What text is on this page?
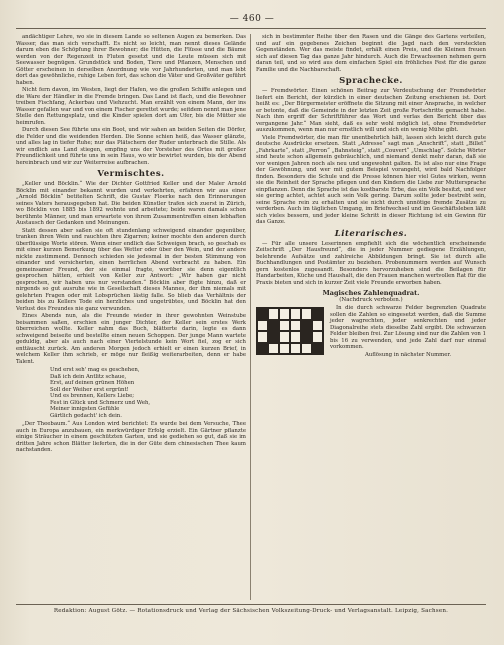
— 460 —

andächtiger Lehre, wo sie in diesem Lande so seltenen Augen zu bemerken. Das Wasser, das man sich verschafft. Es nicht so leicht, man nennt dieses Gelände darum eben die Schöpfung ihrer Bewohner; die Hütten, die Flüsse und die Bäume werden von der Regenzeit in Fluten gesetzt und die Leute müssen sich mit Seewasser begnügen. Grundstück und Boden, Tiere und Pflanzen, Menschen und Götter erscheinen in derselben Anordnung wie vor Jahrhunderten, und man lebt dort das gewöhnliche, ruhige Leben fort, das schon die Väter und Großväter geführt haben.

Nicht fern davon, im Westen, liegt der Hafen, wo die großen Schiffe anlegen und die Ware der Händler in die Fremde bringen. Das Land ist flach, und die Bewohner treiben Fischfang, Ackerbau und Viehzucht. Man erzählt von einem Mann, der ins Wasser gefallen war und von einem Fischer gerettet wurde; seitdem nennt man jene Stelle den Rettungsplatz, und die Kinder spielen dort am Ufer, bis die Mütter sie heimrufen.

Durch diesen See führte uns ein Boot, und wir sahen an beiden Seiten die Dörfer, die Felder und die weidenden Herden. Die Sonne schien heiß, das Wasser glänzte, und alles lag in tiefer Ruhe; nur das Plätschern der Ruder unterbrach die Stille. Als wir endlich ans Land stiegen, empfing uns der Vorsteher des Ortes mit großer Freundlichkeit und führte uns in sein Haus, wo wir bewirtet wurden, bis der Abend hereinbrach und wir zur Weiterreise aufbrachen.

Vermischtes.

„Keller und Böcklin.“ Wie der Dichter Gottfried Keller und der Maler Arnold Böcklin mit einander bekannt wurden und verkehrten, erfahren wir aus einer „Arnold Böcklin“ betitelten Schrift, die Gustav Floerke nach den Erinnerungen seines Vaters herausgegeben hat. Die beiden Künstler trafen sich zuerst in Zürich, wo Böcklin von 1885 bis 1892 wohnte und arbeitete; beide waren damals schon berühmte Männer, und man erwartete von ihrem Zusammentreffen einen lebhaften Austausch der Gedanken und Meinungen.

Statt dessen aber saßen sie oft stundenlang schweigend einander gegenüber, tranken ihren Wein und rauchten ihre Zigarren; keiner mochte den anderen durch überflüssige Worte stören. Wenn einer endlich das Schweigen brach, so geschah es mit einer kurzen Bemerkung über das Wetter oder über den Wein, und der andere nickte zustimmend. Dennoch schieden sie jedesmal in der besten Stimmung von einander und versicherten, einen herrlichen Abend verbracht zu haben. Ein gemeinsamer Freund, der sie einmal fragte, worüber sie denn eigentlich gesprochen hätten, erhielt von Keller zur Antwort: „Wir haben gar nicht gesprochen, wir haben uns nur verstanden.“ Böcklin aber fügte hinzu, daß er nirgends so gut ausruhe wie in Gesellschaft dieses Mannes, der ihm niemals mit gelehrten Fragen oder mit Lobsprüchen lästig falle. So blieb das Verhältnis der beiden bis zu Kellers Tode ein herzliches und ungetrübtes, und Böcklin hat den Verlust des Freundes nie ganz verwunden.

Eines Abends nun, als die Freunde wieder in ihrer gewohnten Weinstube beisammen saßen, erschien ein junger Dichter, der Keller sein erstes Werk überreichen wollte. Keller nahm das Buch, blätterte darin, legte es dann schweigend beiseite und bestellte einen neuen Schoppen. Der junge Mann wartete geduldig, aber als auch nach einer Viertelstunde kein Wort fiel, zog er sich enttäuscht zurück. Am anderen Morgen jedoch erhielt er einen kurzen Brief, in welchem Keller ihm schrieb, er möge nur fleißig weiterarbeiten, denn er habe Talent.

Und erst seh' mag es geschehen,
Daß ich dein Antlitz schaue,
Erst, auf deinen grünen Höhen
Soll der Weiher erst ergrünt!
Und es brennen, Kellers Liebe;
Fest in Glück und Schmerz und Weh,
Meiner innigsten Gefühle
Gärtlich gedacht' ich dein.

„Der Theebaum.“ Aus London wird berichtet: Es wurde bei dem Versuche, Thee auch in Europa anzubauen, ein merkwürdiger Erfolg erzielt. Ein Gärtner pflanzte einige Sträucher in einem geschützten Garten, und sie gediehen so gut, daß sie im dritten Jahre schon Blätter lieferten, die in der Güte dem chinesischen Thee kaum nachstanden.

sich in bestimmter Reihe über den Rasen und die Gänge des Gartens verteilen, und auf ein gegebenes Zeichen beginnt die Jagd nach den versteckten Gegenständen. Wer das meiste findet, erhält einen Preis, und die Kleinen freuen sich auf diesen Tag das ganze Jahr hindurch. Auch die Erwachsenen nehmen gern daran teil, und so wird aus dem einfachen Spiel ein fröhliches Fest für die ganze Familie und die Nachbarschaft.

Sprachecke.

— Fremdwörter. Einen schönen Beitrag zur Verdeutschung der Fremdwörter liefert ein Bericht, der kürzlich in einer deutschen Zeitung erschienen ist. Dort heißt es: „Der Bürgermeister eröffnete die Sitzung mit einer Ansprache, in welcher er betonte, daß die Gemeinde in der letzten Zeit große Fortschritte gemacht habe. Nach ihm ergriff der Schriftführer das Wort und verlas den Bericht über das vergangene Jahr.“ Man sieht, daß es sehr wohl möglich ist, ohne Fremdwörter auszukommen, wenn man nur ernstlich will und sich ein wenig Mühe gibt.

Viele Fremdwörter, die man für unentbehrlich hält, lassen sich leicht durch gute deutsche Ausdrücke ersetzen. Statt „Adresse“ sagt man „Anschrift“, statt „Billet“ „Fahrkarte“, statt „Perron“ „Bahnsteig“, statt „Couvert“ „Umschlag“. Solche Wörter sind heute schon allgemein gebräuchlich, und niemand denkt mehr daran, daß sie vor wenigen Jahren noch als neu und ungewohnt galten. Es ist also nur eine Frage der Gewöhnung, und wer mit gutem Beispiel vorangeht, wird bald Nachfolger finden. Besonders die Schule und die Presse können hier viel Gutes wirken, wenn sie die Reinheit der Sprache pflegen und den Kindern die Liebe zur Muttersprache einpflanzen. Denn die Sprache ist das kostbarste Erbe, das ein Volk besitzt, und wer sie gering achtet, achtet auch sein Volk gering. Darum sollte jeder bestrebt sein, seine Sprache rein zu erhalten und sie nicht durch unnötige fremde Zusätze zu verderben. Auch im täglichen Umgang, im Briefwechsel und im Geschäftsleben läßt sich vieles bessern, und jeder kleine Schritt in dieser Richtung ist ein Gewinn für das Ganze.

Literarisches.

— Für alle unsere Leserinnen empfiehlt sich die wöchentlich erscheinende Zeitschrift „Der Hausfreund“, die in jeder Nummer gediegene Erzählungen, belehrende Aufsätze und zahlreiche Abbildungen bringt. Sie ist durch alle Buchhandlungen und Postämter zu beziehen. Probenummern werden auf Wunsch gern kostenlos zugesandt. Besonders hervorzuheben sind die Beilagen für Handarbeiten, Küche und Haushalt, die den Frauen manchen wertvollen Rat für die Praxis bieten und sich in kurzer Zeit viele Freunde erworben haben.

Magisches Zahlenquadrat.
(Nachdruck verboten.)

In die durch schwarze Felder begrenzten Quadrate sollen die Zahlen so eingesetzt werden, daß die Summe jeder wagrechten, jeder senkrechten und jeder Diagonalreihe stets dieselbe Zahl ergibt. Die schwarzen Felder bleiben frei. Zur Lösung sind nur die Zahlen von 1 bis 16 zu verwenden, und jede Zahl darf nur einmal vorkommen.

Auflösung in nächster Nummer.

Redaktion: August Götz. — Rotationsdruck und Verlag der Sächsischen Volkszeitung-Druck- und Verlagsanstalt. Leipzig, Sachsen.
